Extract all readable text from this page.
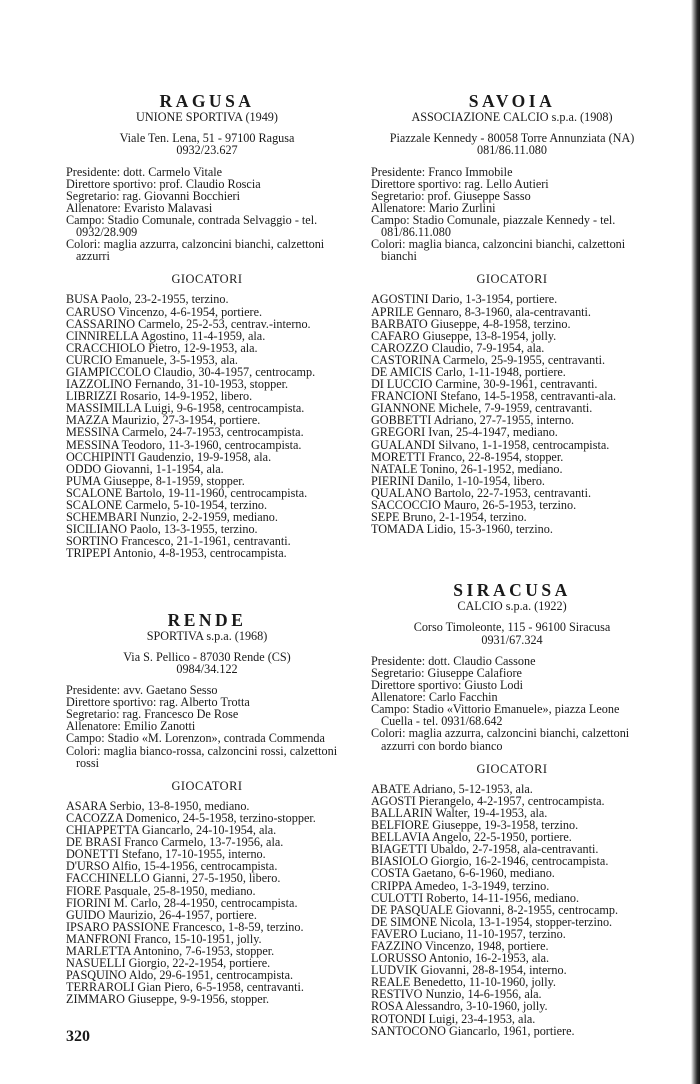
RAGUSA
UNIONE SPORTIVA (1949)
Viale Ten. Lena, 51 - 97100 Ragusa
0932/23.627
Presidente: dott. Carmelo Vitale
Direttore sportivo: prof. Claudio Roscia
Segretario: rag. Giovanni Bocchieri
Allenatore: Evaristo Malavasi
Campo: Stadio Comunale, contrada Selvaggio - tel. 0932/28.909
Colori: maglia azzurra, calzoncini bianchi, calzettoni azzurri
GIOCATORI
BUSA Paolo, 23-2-1955, terzino.
CARUSO Vincenzo, 4-6-1954, portiere.
CASSARINO Carmelo, 25-2-53, centrav.-interno.
CINNIRELLA Agostino, 11-4-1959, ala.
CRACCHIOLO Pietro, 12-9-1953, ala.
CURCIO Emanuele, 3-5-1953, ala.
GIAMPICCOLO Claudio, 30-4-1957, centrocamp.
IAZZOLINO Fernando, 31-10-1953, stopper.
LIBRIZZI Rosario, 14-9-1952, libero.
MASSIMILLA Luigi, 9-6-1958, centrocampista.
MAZZA Maurizio, 27-3-1954, portiere.
MESSINA Carmelo, 24-7-1953, centrocampista.
MESSINA Teodoro, 11-3-1960, centrocampista.
OCCHIPINTI Gaudenzio, 19-9-1958, ala.
ODDO Giovanni, 1-1-1954, ala.
PUMA Giuseppe, 8-1-1959, stopper.
SCALONE Bartolo, 19-11-1960, centrocampista.
SCALONE Carmelo, 5-10-1954, terzino.
SCHEMBARI Nunzio, 2-2-1959, mediano.
SICILIANO Paolo, 13-3-1955, terzino.
SORTINO Francesco, 21-1-1961, centravanti.
TRIPEPI Antonio, 4-8-1953, centrocampista.
RENDE
SPORTIVA s.p.a. (1968)
Via S. Pellico - 87030 Rende (CS)
0984/34.122
Presidente: avv. Gaetano Sesso
Direttore sportivo: rag. Alberto Trotta
Segretario: rag. Francesco De Rose
Allenatore: Emilio Zanotti
Campo: Stadio «M. Lorenzon», contrada Commenda
Colori: maglia bianco-rossa, calzoncini rossi, calzettoni rossi
GIOCATORI
ASARA Serbio, 13-8-1950, mediano.
CACOZZA Domenico, 24-5-1958, terzino-stopper.
CHIAPPETTA Giancarlo, 24-10-1954, ala.
DE BRASI Franco Carmelo, 13-7-1956, ala.
DONETTI Stefano, 17-10-1955, interno.
D'URSO Alfio, 15-4-1956, centrocampista.
FACCHINELLO Gianni, 27-5-1950, libero.
FIORE Pasquale, 25-8-1950, mediano.
FIORINI M. Carlo, 28-4-1950, centrocampista.
GUIDO Maurizio, 26-4-1957, portiere.
IPSARO PASSIONE Francesco, 1-8-59, terzino.
MANFRONI Franco, 15-10-1951, jolly.
MARLETTA Antonino, 7-6-1953, stopper.
NASUELLI Giorgio, 22-2-1954, portiere.
PASQUINO Aldo, 29-6-1951, centrocampista.
TERRAROLI Gian Piero, 6-5-1958, centravanti.
ZIMMARO Giuseppe, 9-9-1956, stopper.
SAVOIA
ASSOCIAZIONE CALCIO s.p.a. (1908)
Piazzale Kennedy - 80058 Torre Annunziata (NA)
081/86.11.080
Presidente: Franco Immobile
Direttore sportivo: rag. Lello Autieri
Segretario: prof. Giuseppe Sasso
Allenatore: Mario Zurlini
Campo: Stadio Comunale, piazzale Kennedy - tel. 081/86.11.080
Colori: maglia bianca, calzoncini bianchi, calzettoni bianchi
GIOCATORI
AGOSTINI Dario, 1-3-1954, portiere.
APRILE Gennaro, 8-3-1960, ala-centravanti.
BARBATO Giuseppe, 4-8-1958, terzino.
CAFARO Giuseppe, 13-8-1954, jolly.
CAROZZO Claudio, 7-9-1954, ala.
CASTORINA Carmelo, 25-9-1955, centravanti.
DE AMICIS Carlo, 1-11-1948, portiere.
DI LUCCIO Carmine, 30-9-1961, centravanti.
FRANCIONI Stefano, 14-5-1958, centravanti-ala.
GIANNONE Michele, 7-9-1959, centravanti.
GOBBETTI Adriano, 27-7-1955, interno.
GREGORI Ivan, 25-4-1947, mediano.
GUALANDI Silvano, 1-1-1958, centrocampista.
MORETTI Franco, 22-8-1954, stopper.
NATALE Tonino, 26-1-1952, mediano.
PIERINI Danilo, 1-10-1954, libero.
QUALANO Bartolo, 22-7-1953, centravanti.
SACCOCCIO Mauro, 26-5-1953, terzino.
SEPE Bruno, 2-1-1954, terzino.
TOMADA Lidio, 15-3-1960, terzino.
SIRACUSA
CALCIO s.p.a. (1922)
Corso Timoleonte, 115 - 96100 Siracusa
0931/67.324
Presidente: dott. Claudio Cassone
Segretario: Giuseppe Calafiore
Direttore sportivo: Giusto Lodi
Allenatore: Carlo Facchin
Campo: Stadio «Vittorio Emanuele», piazza Leone Cuella - tel. 0931/68.642
Colori: maglia azzurra, calzoncini bianchi, calzettoni azzurri con bordo bianco
GIOCATORI
ABATE Adriano, 5-12-1953, ala.
AGOSTI Pierangelo, 4-2-1957, centrocampista.
BALLARIN Walter, 19-4-1953, ala.
BELFIORE Giuseppe, 19-3-1958, terzino.
BELLAVIA Angelo, 22-5-1950, portiere.
BIAGETTI Ubaldo, 2-7-1958, ala-centravanti.
BIASIOLO Giorgio, 16-2-1946, centrocampista.
COSTA Gaetano, 6-6-1960, mediano.
CRIPPA Amedeo, 1-3-1949, terzino.
CULOTTI Roberto, 14-11-1956, mediano.
DE PASQUALE Giovanni, 8-2-1955, centrocamp.
DE SIMONE Nicola, 13-1-1954, stopper-terzino.
FAVERO Luciano, 11-10-1957, terzino.
FAZZINO Vincenzo, 1948, portiere.
LORUSSO Antonio, 16-2-1953, ala.
LUDVIK Giovanni, 28-8-1954, interno.
REALE Benedetto, 11-10-1960, jolly.
RESTIVO Nunzio, 14-6-1956, ala.
ROSA Alessandro, 3-10-1960, jolly.
ROTONDI Luigi, 23-4-1953, ala.
SANTOCONO Giancarlo, 1961, portiere.
320
